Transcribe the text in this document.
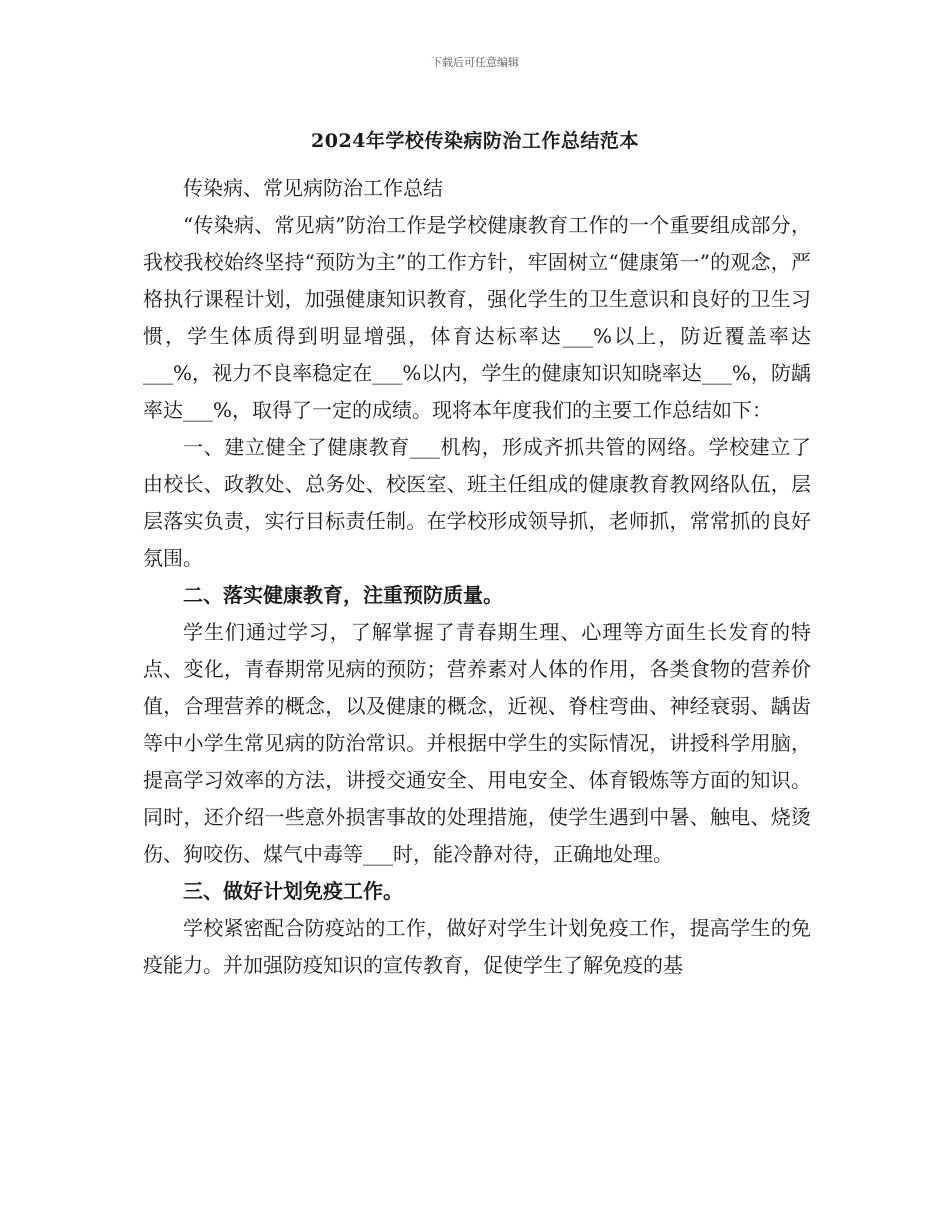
下载后可任意编辑
2024年学校传染病防治工作总结范本

传染病、常见病防治工作总结

“传染病、常见病”防治工作是学校健康教育工作的一个重要组成部分，我校我校始终坚持“预防为主”的工作方针，牢固树立“健康第一”的观念，严格执行课程计划，加强健康知识教育，强化学生的卫生意识和良好的卫生习惯，学生体质得到明显增强，体育达标率达___%以上，防近覆盖率达___%，视力不良率稳定在___%以内，学生的健康知识知晓率达___%，防龋率达___%，取得了一定的成绩。现将本年度我们的主要工作总结如下：

一、建立健全了健康教育___机构，形成齐抓共管的网络。学校建立了由校长、政教处、总务处、校医室、班主任组成的健康教育教网络队伍，层层落实负责，实行目标责任制。在学校形成领导抓，老师抓，常常抓的良好氛围。

二、落实健康教育，注重预防质量。

学生们通过学习，了解掌握了青春期生理、心理等方面生长发育的特点、变化，青春期常见病的预防；营养素对人体的作用，各类食物的营养价值，合理营养的概念，以及健康的概念，近视、脊柱弯曲、神经衰弱、龋齿等中小学生常见病的防治常识。并根据中学生的实际情况，讲授科学用脑，提高学习效率的方法，讲授交通安全、用电安全、体育锻炼等方面的知识。同时，还介绍一些意外损害事故的处理措施，使学生遇到中暑、触电、烧烫伤、狗咬伤、煤气中毒等___时，能冷静对待，正确地处理。

三、做好计划免疫工作。

学校紧密配合防疫站的工作，做好对学生计划免疫工作，提高学生的免疫能力。并加强防疫知识的宣传教育，促使学生了解免疫的基
